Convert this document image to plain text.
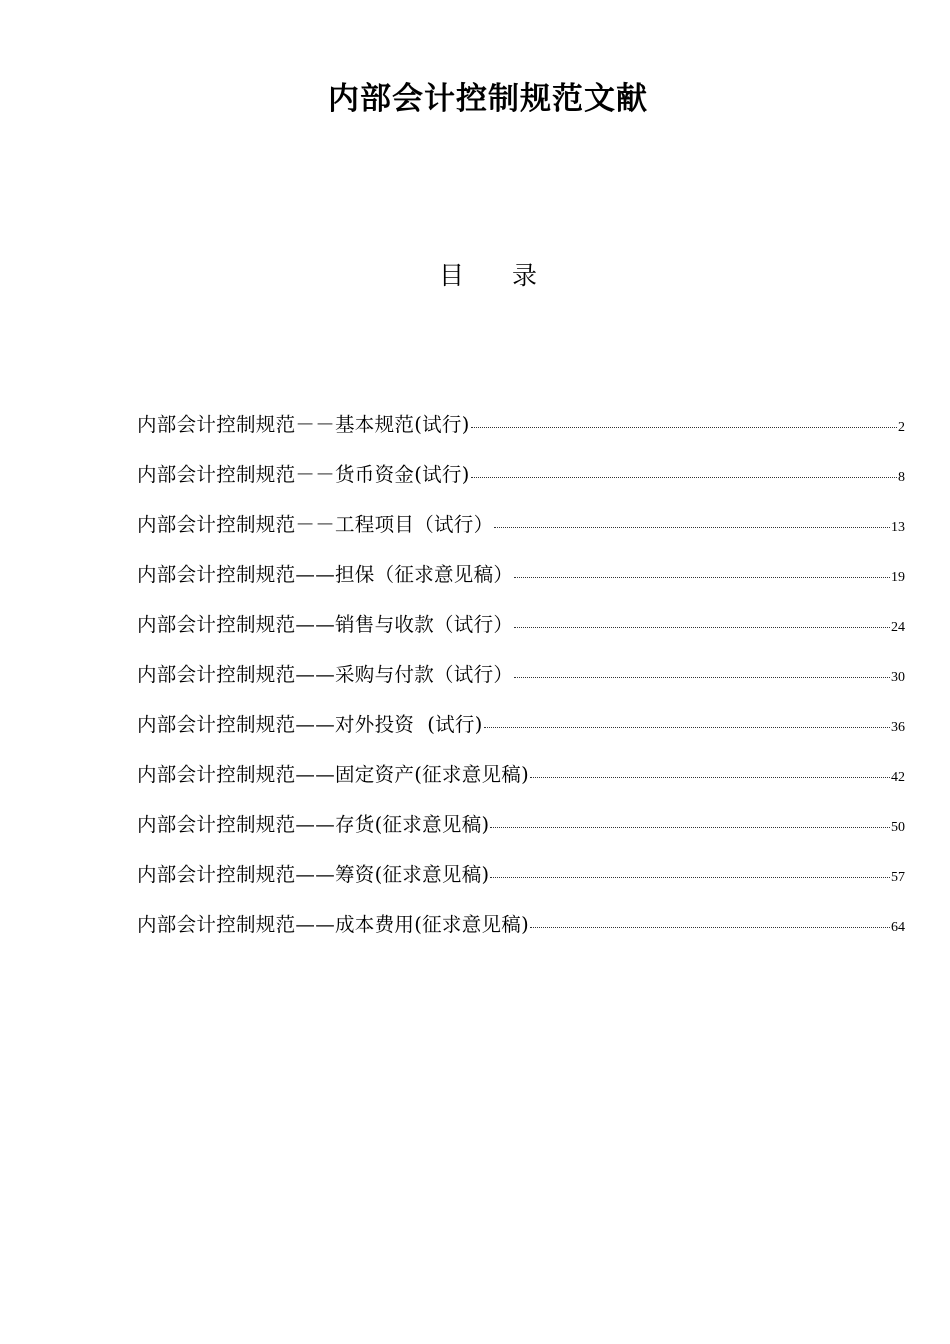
内部会计控制规范文献
目 录
内部会计控制规范－－基本规范(试行)	2
内部会计控制规范－－货币资金(试行)	8
内部会计控制规范－－工程项目（试行）	13
内部会计控制规范——担保（征求意见稿）	19
内部会计控制规范——销售与收款（试行）	24
内部会计控制规范——采购与付款（试行）	30
内部会计控制规范——对外投资  (试行)	36
内部会计控制规范——固定资产(征求意见稿)	42
内部会计控制规范——存货(征求意见稿)	50
内部会计控制规范——筹资(征求意见稿)	57
内部会计控制规范——成本费用(征求意见稿)	64
